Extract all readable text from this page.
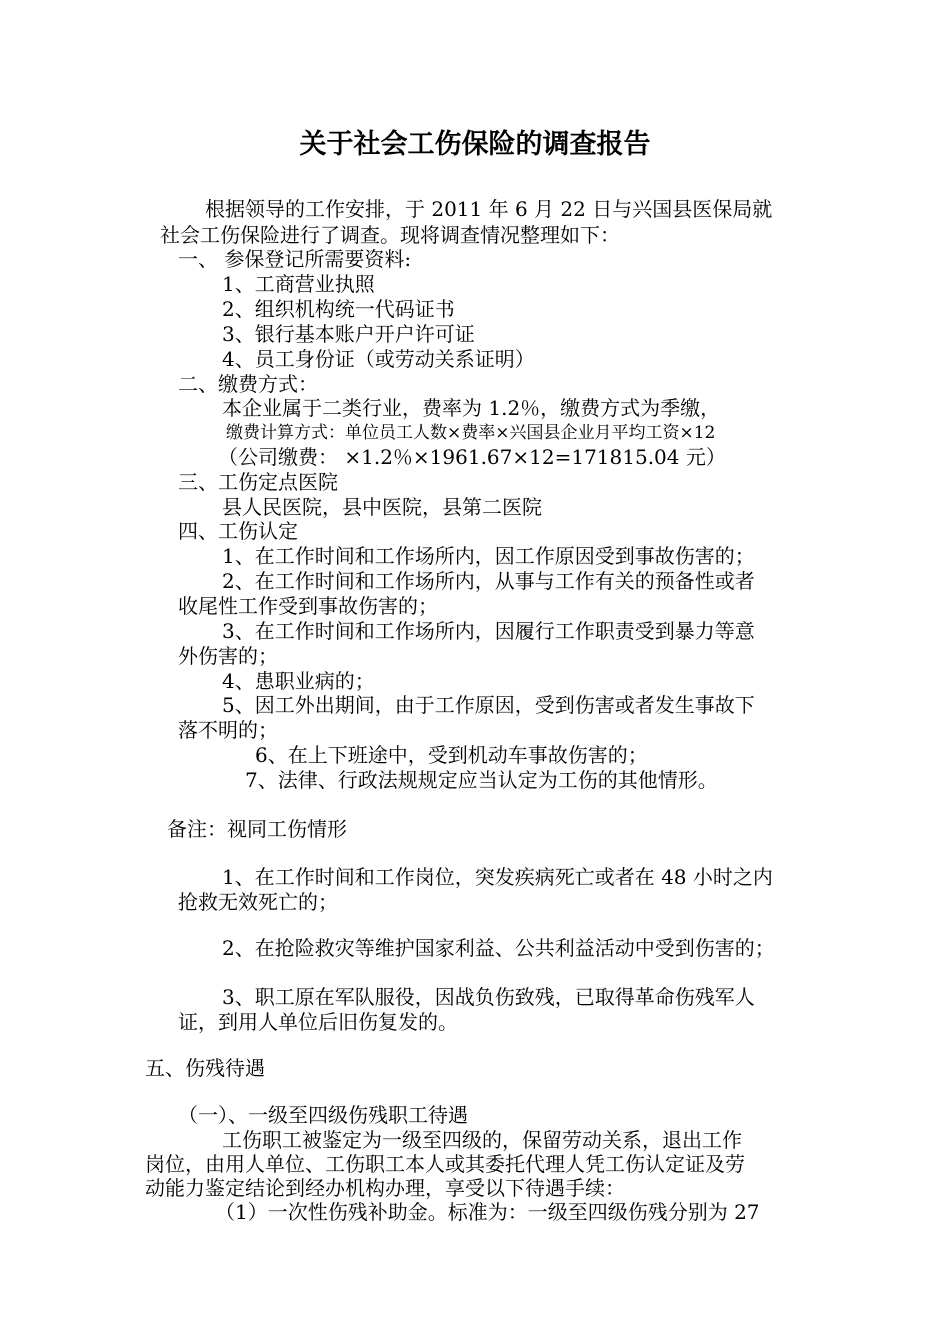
关于社会工伤保险的调查报告

根据领导的工作安排，于 2011 年 6 月 22 日与兴国县医保局就

社会工伤保险进行了调查。现将调查情况整理如下：

一、 参保登记所需要资料:

1、工商营业执照

2、组织机构统一代码证书

3、银行基本账户开户许可证

4、员工身份证（或劳动关系证明）

二、缴费方式：

本企业属于二类行业，费率为 1.2％，缴费方式为季缴，

缴费计算方式：单位员工人数×费率×兴国县企业月平均工资×12

（公司缴费： ×1.2％×1961.67×12=171815.04 元）

三、工伤定点医院

县人民医院，县中医院，县第二医院

四、工伤认定

1、在工作时间和工作场所内，因工作原因受到事故伤害的；

2、在工作时间和工作场所内，从事与工作有关的预备性或者

收尾性工作受到事故伤害的；

3、在工作时间和工作场所内，因履行工作职责受到暴力等意

外伤害的；

4、患职业病的；

5、因工外出期间，由于工作原因，受到伤害或者发生事故下

落不明的；

6、在上下班途中，受到机动车事故伤害的；

7、法律、行政法规规定应当认定为工伤的其他情形。

备注：视同工伤情形

1、在工作时间和工作岗位，突发疾病死亡或者在 48 小时之内

抢救无效死亡的；

2、在抢险救灾等维护国家利益、公共利益活动中受到伤害的；

3、职工原在军队服役，因战负伤致残，已取得革命伤残军人

证，到用人单位后旧伤复发的。

五、伤残待遇

（一）、一级至四级伤残职工待遇

工伤职工被鉴定为一级至四级的，保留劳动关系，退出工作

岗位，由用人单位、工伤职工本人或其委托代理人凭工伤认定证及劳

动能力鉴定结论到经办机构办理，享受以下待遇手续：

（1）一次性伤残补助金。标准为：一级至四级伤残分别为 27
